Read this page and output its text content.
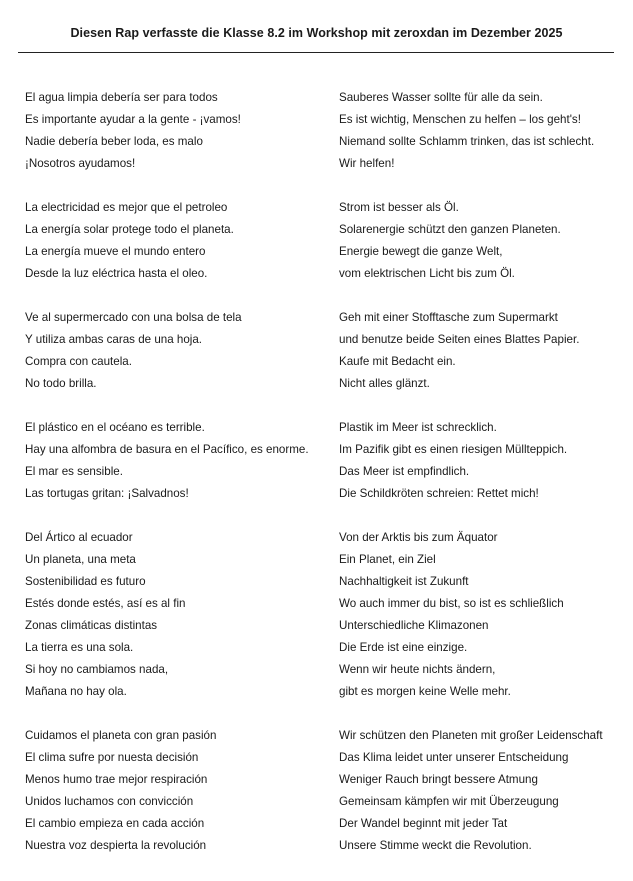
Diesen Rap verfasste die Klasse 8.2 im Workshop mit zeroxdan im Dezember 2025
El agua limpia debería ser para todos
Es importante ayudar a la gente - ¡vamos!
Nadie debería beber loda, es malo
¡Nosotros ayudamos!
Sauberes Wasser sollte für alle da sein.
Es ist wichtig, Menschen zu helfen – los geht's!
Niemand sollte Schlamm trinken, das ist schlecht.
Wir helfen!
La electricidad es mejor que el petroleo
La energía solar protege todo el planeta.
La energía mueve el mundo entero
Desde la luz eléctrica hasta el oleo.
Strom ist besser als Öl.
Solarenergie schützt den ganzen Planeten.
Energie bewegt die ganze Welt,
vom elektrischen Licht bis zum Öl.
Ve al supermercado con una bolsa de tela
Y utiliza ambas caras de una hoja.
Compra con cautela.
No todo brilla.
Geh mit einer Stofftasche zum Supermarkt
und benutze beide Seiten eines Blattes Papier.
Kaufe mit Bedacht ein.
Nicht alles glänzt.
El plástico en el océano es terrible.
Hay una alfombra de basura en el Pacífico, es enorme.
El mar es sensible.
Las tortugas gritan: ¡Salvadnos!
Plastik im Meer ist schrecklich.
Im Pazifik gibt es einen riesigen Müllteppich.
Das Meer ist empfindlich.
Die Schildkröten schreien: Rettet mich!
Del Ártico al ecuador
Un planeta, una meta
Sostenibilidad es futuro
Estés donde estés, así es al fin
Zonas climáticas distintas
La tierra es una sola.
Si hoy no cambiamos nada,
Mañana no hay ola.
Von der Arktis bis zum Äquator
Ein Planet, ein Ziel
Nachhaltigkeit ist Zukunft
Wo auch immer du bist, so ist es schließlich
Unterschiedliche Klimazonen
Die Erde ist eine einzige.
Wenn wir heute nichts ändern,
gibt es morgen keine Welle mehr.
Cuidamos el planeta con gran pasión
El clima sufre por nuesta decisión
Menos humo trae mejor respiración
Unidos luchamos con convicción
El cambio empieza en cada acción
Nuestra voz despierta la revolución
Wir schützen den Planeten mit großer Leidenschaft
Das Klima leidet unter unserer Entscheidung
Weniger Rauch bringt bessere Atmung
Gemeinsam kämpfen wir mit Überzeugung
Der Wandel beginnt mit jeder Tat
Unsere Stimme weckt die Revolution.
